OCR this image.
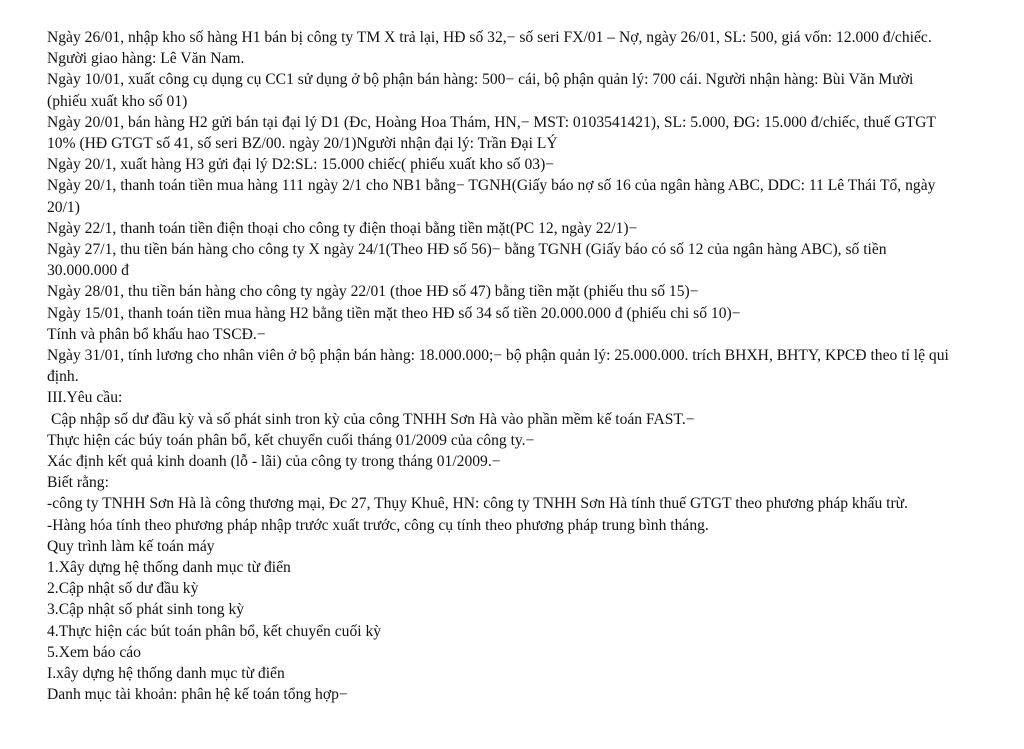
Ngày 26/01, nhập kho số hàng H1 bán bị công ty TM X trả lại, HĐ số 32,− số seri FX/01 – Nợ, ngày 26/01, SL: 500, giá vốn: 12.000 đ/chiếc.
Người giao hàng: Lê Văn Nam.
Ngày 10/01, xuất công cụ dụng cụ CC1 sử dụng ở bộ phận bán hàng: 500− cái, bộ phận quản lý: 700 cái. Người nhận hàng: Bùi Văn Mười
(phiếu xuất kho số 01)
Ngày 20/01, bán hàng H2 gửi bán tại đại lý D1 (Đc, Hoàng Hoa Thám, HN,− MST: 0103541421), SL: 5.000, ĐG: 15.000 đ/chiếc, thuế GTGT
10% (HĐ GTGT số 41, số seri BZ/00. ngày 20/1)Người nhận đại lý: Trần Đại LÝ
Ngày 20/1, xuất hàng H3 gửi đại lý D2:SL: 15.000 chiếc( phiếu xuất kho số 03)−
Ngày 20/1, thanh toán tiền mua hàng 111 ngày 2/1 cho NB1 bằng− TGNH(Giấy báo nợ số 16 của ngân hàng ABC, DDC: 11 Lê Thái Tổ, ngày
20/1)
Ngày 22/1, thanh toán tiền điện thoại cho công ty điện thoại bằng tiền mặt(PC 12, ngày 22/1)−
Ngày 27/1, thu tiền bán hàng cho công ty X ngày 24/1(Theo HĐ số 56)− bằng TGNH (Giấy báo có số 12 của ngân hàng ABC), số tiền
30.000.000 đ
Ngày 28/01, thu tiền bán hàng cho công ty ngày 22/01 (thoe HĐ số 47) bằng tiền mặt (phiếu thu số 15)−
Ngày 15/01, thanh toán tiền mua hàng H2 bằng tiền mặt theo HĐ số 34 số tiền 20.000.000 đ (phiếu chi số 10)−
Tính và phân bổ khấu hao TSCĐ.−
Ngày 31/01, tính lương cho nhân viên ở bộ phận bán hàng: 18.000.000;− bộ phận quản lý: 25.000.000. trích BHXH, BHTY, KPCĐ theo tỉ lệ qui
định.
III.Yêu cầu:
Cập nhập số dư đầu kỳ và số phát sinh tron kỳ của công TNHH Sơn Hà vào phần mềm kế toán FAST.−
Thực hiện các búy toán phân bổ, kết chuyển cuối tháng 01/2009 của công ty.−
Xác định kết quả kinh doanh (lỗ - lãi) của công ty trong tháng 01/2009.−
Biết rằng:
-công ty TNHH Sơn Hà là công thương mại, Đc 27, Thụy Khuê, HN: công ty TNHH Sơn Hà tính thuế GTGT theo phương pháp khấu trừ.
-Hàng hóa tính theo phương pháp nhập trước xuất trước, công cụ tính theo phương pháp trung bình tháng.
Quy trình làm kế toán máy
1.Xây dựng hệ thống danh mục từ điển
2.Cập nhật số dư đầu kỳ
3.Cập nhật số phát sinh tong kỳ
4.Thực hiện các bút toán phân bổ, kết chuyển cuối kỳ
5.Xem báo cáo
I.xây dựng hệ thống danh mục từ điển
Danh mục tài khoản: phân hệ kế toán tổng hợp−
